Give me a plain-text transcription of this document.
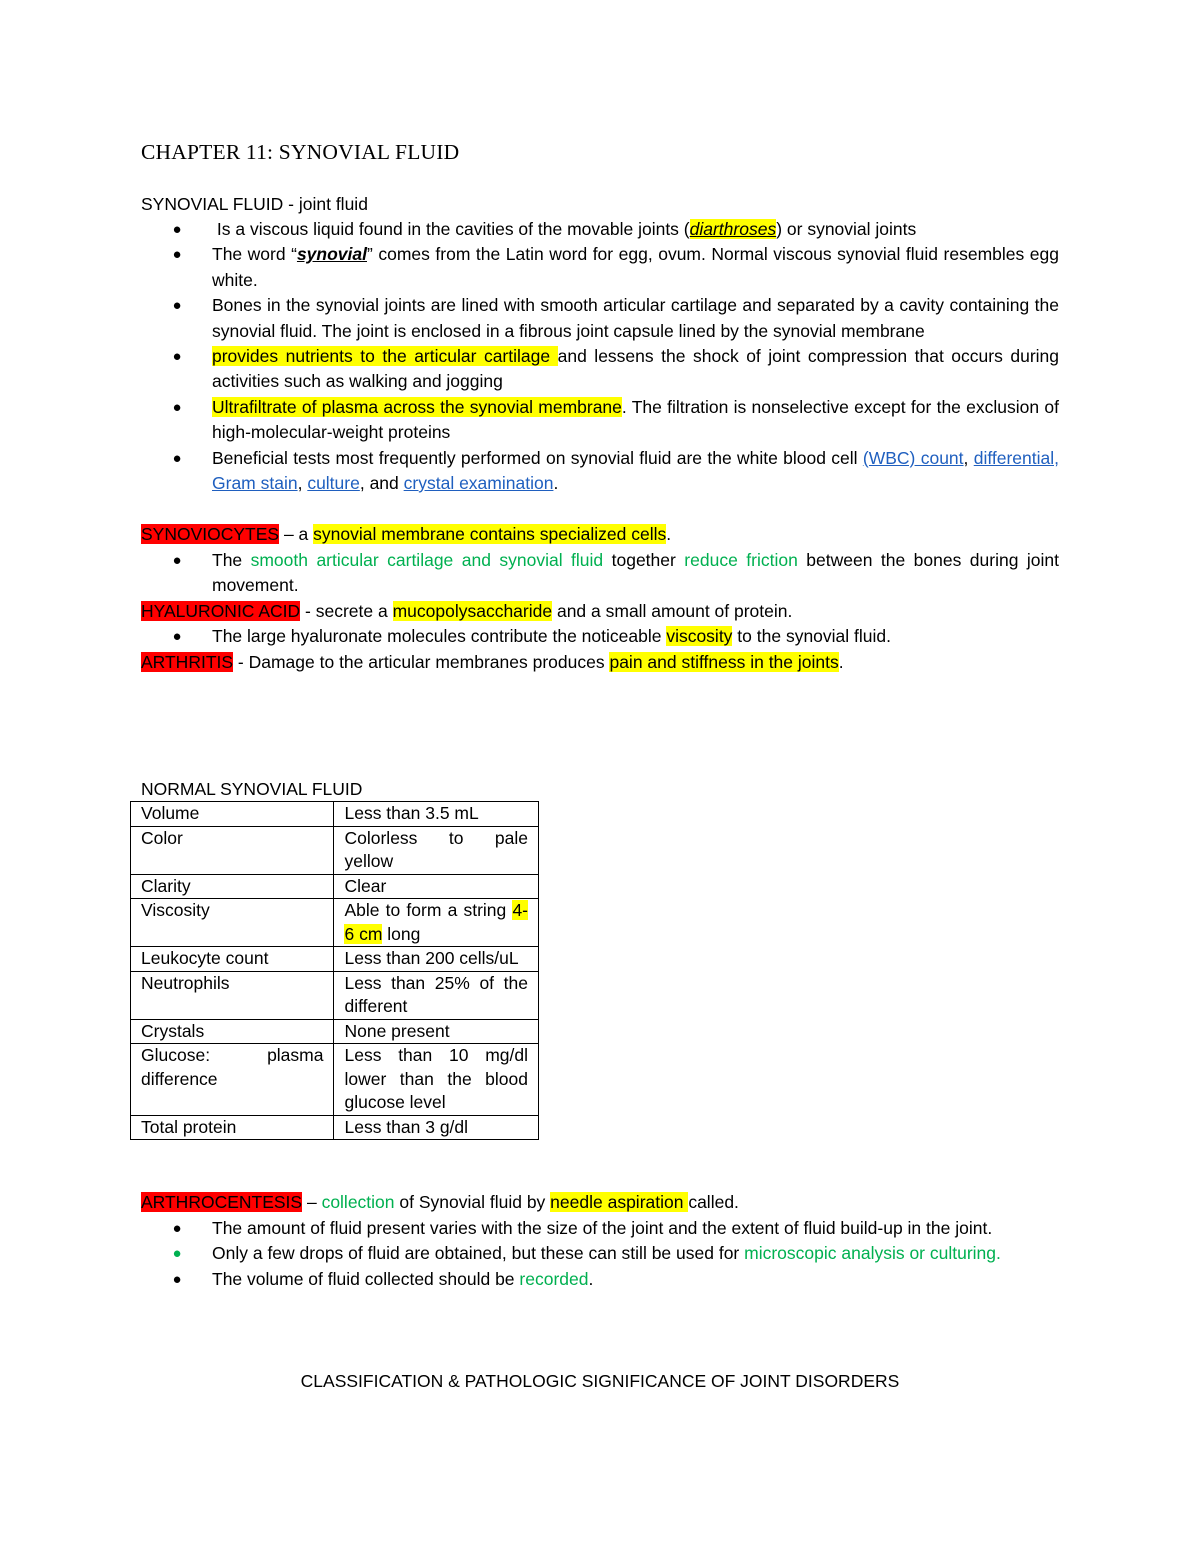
CHAPTER 11: SYNOVIAL FLUID
SYNOVIAL FLUID - joint fluid
● Is a viscous liquid found in the cavities of the movable joints (diarthroses) or synovial joints
● The word “synovial” comes from the Latin word for egg, ovum. Normal viscous synovial fluid resembles egg white.
● Bones in the synovial joints are lined with smooth articular cartilage and separated by a cavity containing the synovial fluid. The joint is enclosed in a fibrous joint capsule lined by the synovial membrane
● provides nutrients to the articular cartilage and lessens the shock of joint compression that occurs during activities such as walking and jogging
● Ultrafiltrate of plasma across the synovial membrane. The filtration is nonselective except for the exclusion of high-molecular-weight proteins
● Beneficial tests most frequently performed on synovial fluid are the white blood cell (WBC) count, differential, Gram stain, culture, and crystal examination.
SYNOVIOCYTES – a synovial membrane contains specialized cells.
● The smooth articular cartilage and synovial fluid together reduce friction between the bones during joint movement.
HYALURONIC ACID - secrete a mucopolysaccharide and a small amount of protein.
● The large hyaluronate molecules contribute the noticeable viscosity to the synovial fluid.
ARTHRITIS - Damage to the articular membranes produces pain and stiffness in the joints.
NORMAL SYNOVIAL FLUID
Volume	Less than 3.5 mL
Color	Colorless to pale yellow
Clarity	Clear
Viscosity	Able to form a string 4-6 cm long
Leukocyte count	Less than 200 cells/uL
Neutrophils	Less than 25% of the different
Crystals	None present
Glucose: plasma difference	Less than 10 mg/dl lower than the blood glucose level
Total protein	Less than 3 g/dl
ARTHROCENTESIS – collection of Synovial fluid by needle aspiration called.
● The amount of fluid present varies with the size of the joint and the extent of fluid build-up in the joint.
● Only a few drops of fluid are obtained, but these can still be used for microscopic analysis or culturing.
● The volume of fluid collected should be recorded.
CLASSIFICATION & PATHOLOGIC SIGNIFICANCE OF JOINT DISORDERS
